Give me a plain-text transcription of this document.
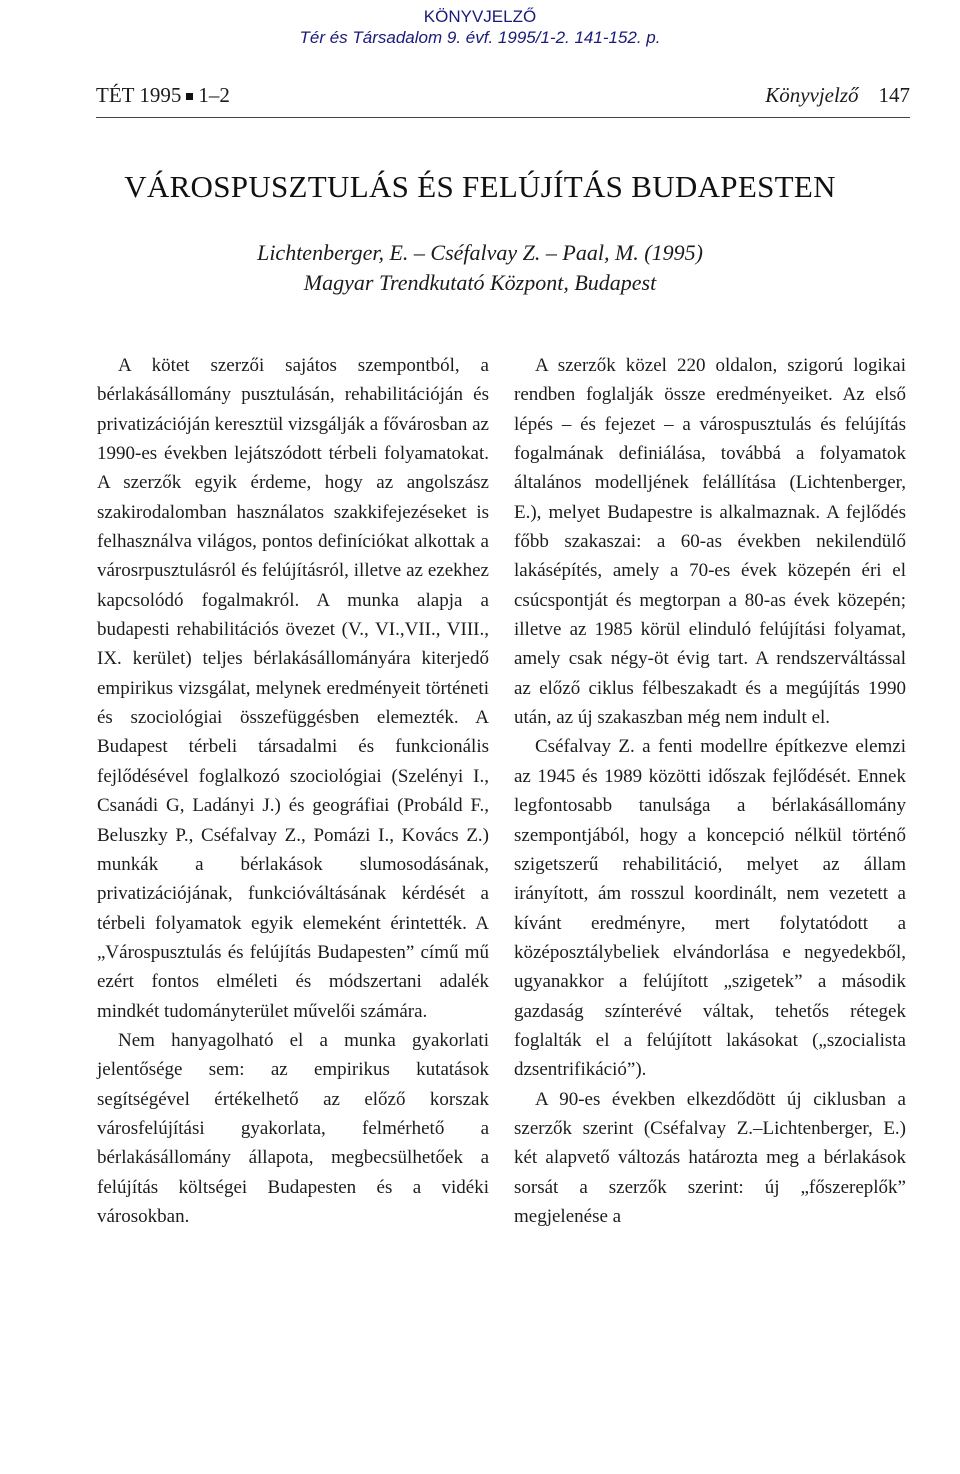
KÖNYVJELZŐ
Tér és Társadalom 9. évf. 1995/1-2. 141-152. p.
TÉT 1995 1–2	Könyvjelző 147
VÁROSPUSZTULÁS ÉS FELÚJÍTÁS BUDAPESTEN
Lichtenberger, E. – Cséfalvay Z. – Paal, M. (1995)
Magyar Trendkutató Központ, Budapest

A kötet szerzői sajátos szempontból, a bérlakásállomány pusztulásán, rehabilitációján és privatizációján keresztül vizsgálják a fővárosban az 1990-es években lejátszódott térbeli folyamatokat. A szerzők egyik érdeme, hogy az angolszász szakirodalomban használatos szakkifejezéseket is felhasználva világos, pontos definíciókat alkottak a városrpusztulásról és felújításról, illetve az ezekhez kapcsolódó fogalmakról. A munka alapja a budapesti rehabilitációs övezet (V., VI.,VII., VIII., IX. kerület) teljes bérlakásállományára kiterjedő empirikus vizsgálat, melynek eredményeit történeti és szociológiai összefüggésben elemezték. A Budapest térbeli társadalmi és funkcionális fejlődésével foglalkozó szociológiai (Szelényi I., Csanádi G, Ladányi J.) és geográfiai (Probáld F., Beluszky P., Cséfalvay Z., Pomázi I., Kovács Z.) munkák a bérlakások slumosodásának, privatizációjának, funkcióváltásának kérdését a térbeli folyamatok egyik elemeként érintették. A „Várospusztulás és felújítás Budapesten” című mű ezért fontos elméleti és módszertani adalék mindkét tudományterület művelői számára.

Nem hanyagolható el a munka gyakorlati jelentősége sem: az empirikus kutatások segítségével értékelhető az előző korszak városfelújítási gyakorlata, felmérhető a bérlakásállomány állapota, megbecsülhetőek a felújítás költségei Budapesten és a vidéki városokban.

A szerzők közel 220 oldalon, szigorú logikai rendben foglalják össze eredményeiket. Az első lépés – és fejezet – a várospusztulás és felújítás fogalmának definiálása, továbbá a folyamatok általános modelljének felállítása (Lichtenberger, E.), melyet Budapestre is alkalmaznak. A fejlődés főbb szakaszai: a 60-as években nekilendülő lakásépítés, amely a 70-es évek közepén éri el csúcspontját és megtorpan a 80-as évek közepén; illetve az 1985 körül elinduló felújítási folyamat, amely csak négy-öt évig tart. A rendszerváltással az előző ciklus félbeszakadt és a megújítás 1990 után, az új szakaszban még nem indult el.

Cséfalvay Z. a fenti modellre építkezve elemzi az 1945 és 1989 közötti időszak fejlődését. Ennek legfontosabb tanulsága a bérlakásállomány szempontjából, hogy a koncepció nélkül történő szigetszerű rehabilitáció, melyet az állam irányított, ám rosszul koordinált, nem vezetett a kívánt eredményre, mert folytatódott a középosztálybeliek elvándorlása e negyedekből, ugyanakkor a felújított „szigetek” a második gazdaság színterévé váltak, tehetős rétegek foglalták el a felújított lakásokat („szocialista dzsentrifikáció”).

A 90-es években elkezdődött új ciklusban a szerzők szerint (Cséfalvay Z.–Lichtenberger, E.) két alapvető változás határozta meg a bérlakások sorsát a szerzők szerint: új „főszereplők” megjelenése a
